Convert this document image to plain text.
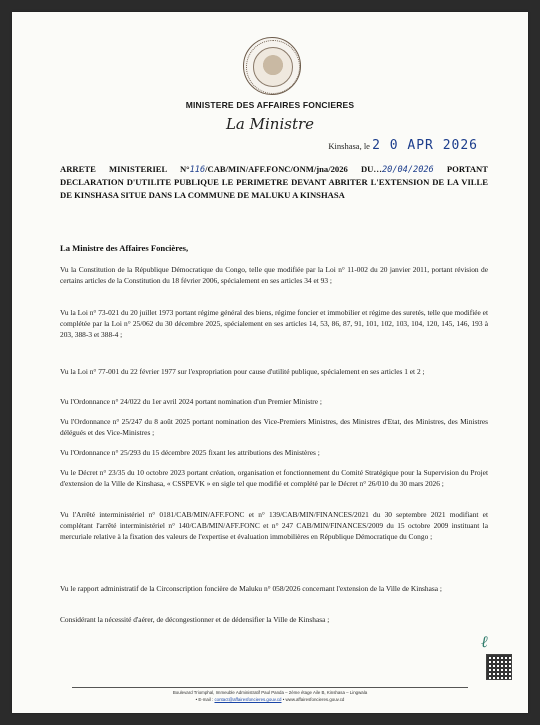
MINISTERE DES AFFAIRES FONCIERES
La Ministre
Kinshasa, le 2 0 APR 2026
ARRETE MINISTERIEL N°116/CAB/MIN/AFF.FONC/ONM/jna/2026 DU…20/04/2026 PORTANT DECLARATION D'UTILITE PUBLIQUE LE PERIMETRE DEVANT ABRITER L'EXTENSION DE LA VILLE DE KINSHASA SITUE DANS LA COMMUNE DE MALUKU A KINSHASA
La Ministre des Affaires Foncières,
Vu la Constitution de la République Démocratique du Congo, telle que modifiée par la Loi n° 11-002 du 20 janvier 2011, portant révision de certains articles de la Constitution du 18 février 2006, spécialement en ses articles 34 et 93 ;
Vu la Loi n° 73-021 du 20 juillet 1973 portant régime général des biens, régime foncier et immobilier et régime des suretés, telle que modifiée et complétée par la Loi n° 25/062 du 30 décembre 2025, spécialement en ses articles 14, 53, 86, 87, 91, 101, 102, 103, 104, 120, 145, 146, 193 à 203, 388-3 et 388-4 ;
Vu la Loi n° 77-001 du 22 février 1977 sur l'expropriation pour cause d'utilité publique, spécialement en ses articles 1 et 2 ;
Vu l'Ordonnance n° 24/022 du 1er avril 2024 portant nomination d'un Premier Ministre ;
Vu l'Ordonnance n° 25/247 du 8 août 2025 portant nomination des Vice-Premiers Ministres, des Ministres d'Etat, des Ministres, des Ministres délégués et des Vice-Ministres ;
Vu l'Ordonnance n° 25/293 du 15 décembre 2025 fixant les attributions des Ministères ;
Vu le Décret n° 23/35 du 10 octobre 2023 portant création, organisation et fonctionnement du Comité Stratégique pour la Supervision du Projet d'extension de la Ville de Kinshasa, « CSSPEVK » en sigle tel que modifié et complété par le Décret n° 26/010 du 30 mars 2026 ;
Vu l'Arrêté interministériel n° 0181/CAB/MIN/AFF.FONC et n° 139/CAB/MIN/FINANCES/2021 du 30 septembre 2021 modifiant et complétant l'arrêté interministériel n° 140/CAB/MIN/AFF.FONC et n° 247 CAB/MIN/FINANCES/2009 du 15 octobre 2009 instituant la mercuriale relative à la fixation des valeurs de l'expertise et évaluation immobilières en République Démocratique du Congo ;
Vu le rapport administratif de la Circonscription foncière de Maluku n° 058/2026 concernant l'extension de la Ville de Kinshasa ;
Considérant la nécessité d'aérer, de décongestionner et de dédensifier la Ville de Kinshasa ;
ℓ
Boulevard Triomphal, Immeuble Administratif Paul Panda – 2ème étage Aile B, Kinshasa – Lingwala
• E-mail : contact@affairesfoncieres.gouv.cd • www.affairesfoncieres.gouv.cd
